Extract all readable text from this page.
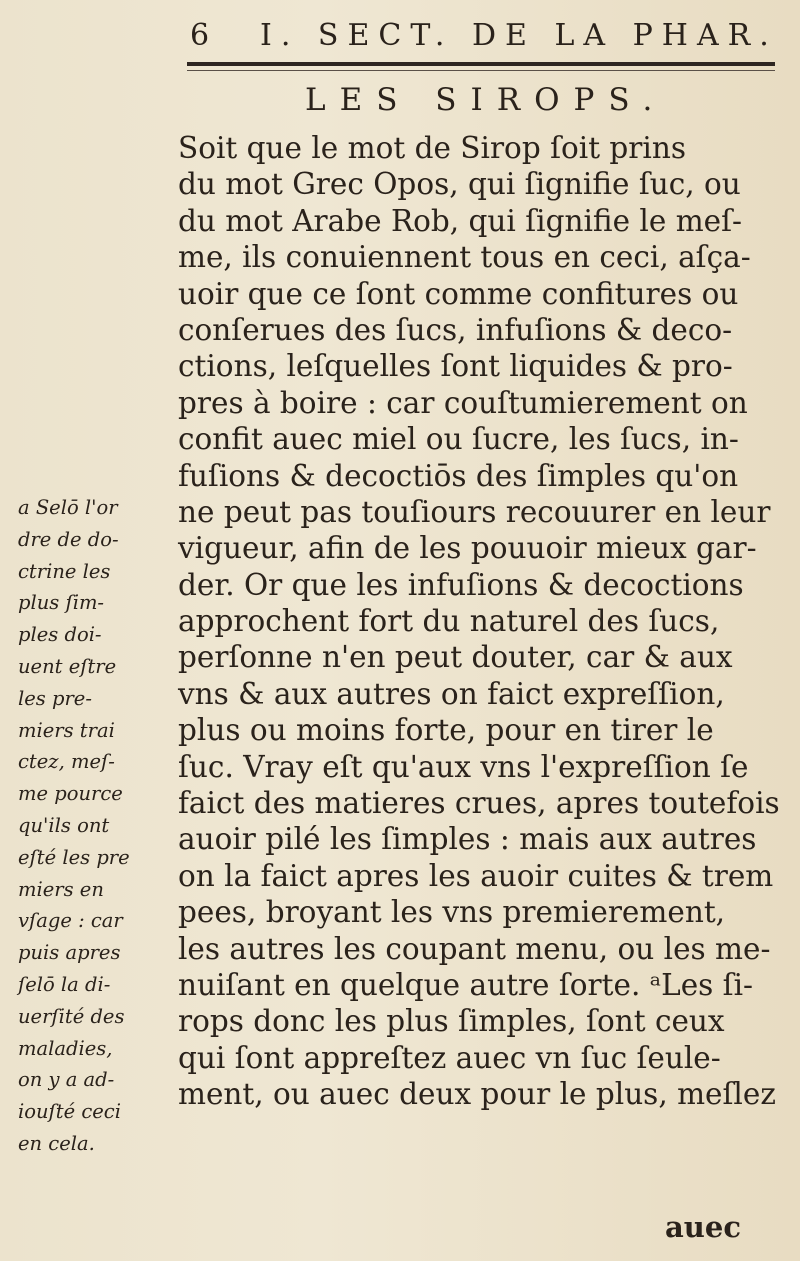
6 I. SECT. DE LA PHAR.
LES SIROPS.
Soit que le mot de Sirop ſoit prins
du mot Grec Opos, qui ſignifie ſuc, ou
du mot Arabe Rob, qui ſignifie le meſ-
me, ils conuiennent tous en ceci, aſça-
uoir que ce ſont comme confitures ou
conſerues des ſucs, infuſions & deco-
ctions, leſquelles ſont liquides & pro-
pres à boire : car couſtumierement on
confit auec miel ou ſucre, les ſucs, in-
fuſions & decoctiōs des ſimples qu'on
ne peut pas touſiours recouurer en leur
vigueur, afin de les pouuoir mieux gar-
der. Or que les infuſions & decoctions
approchent fort du naturel des ſucs,
perſonne n'en peut douter, car & aux
vns & aux autres on faict expreſſion,
plus ou moins forte, pour en tirer le
ſuc. Vray eſt qu'aux vns l'expreſſion ſe
faict des matieres crues, apres toutefois
auoir pilé les ſimples : mais aux autres
on la faict apres les auoir cuites & trem
pees, broyant les vns premierement,
les autres les coupant menu, ou les me-
nuiſant en quelque autre ſorte. ᵃLes ſi-
rops donc les plus ſimples, ſont ceux
qui ſont appreſtez auec vn ſuc ſeule-
ment, ou auec deux pour le plus, meſlez
a Selō l'or
dre de do-
ctrine les
plus ſim-
ples doi-
uent eſtre
les pre-
miers trai
ctez, meſ-
me pource
qu'ils ont
eſté les pre
miers en
vſage : car
puis apres
ſelō la di-
uerſité des
maladies,
on y a ad-
iouſté ceci
en cela.
auec
